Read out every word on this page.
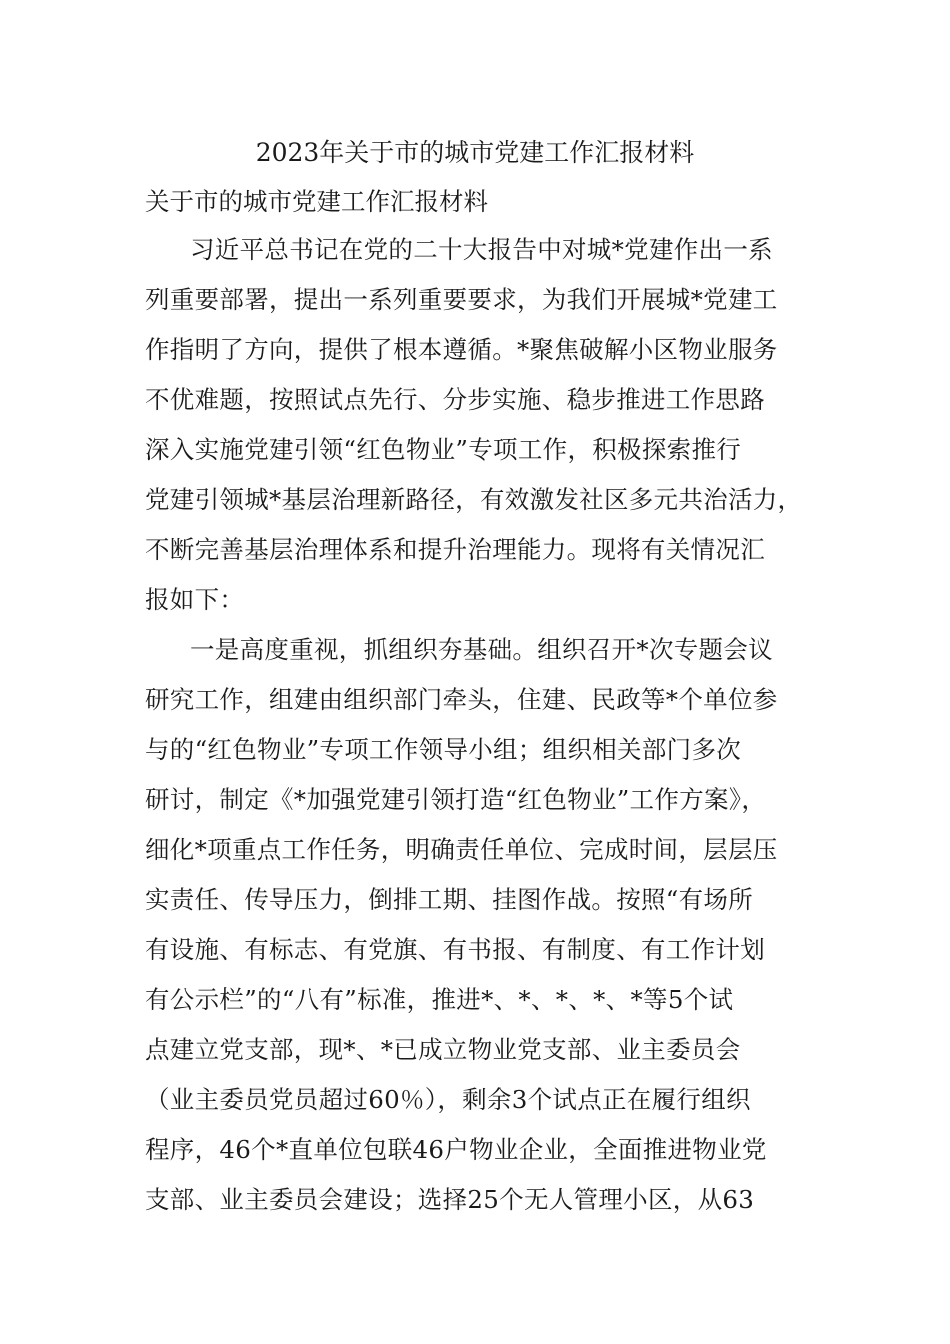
2023年关于市的城市党建工作汇报材料
关于市的城市党建工作汇报材料

习近平总书记在党的二十大报告中对城*党建作出一系

列重要部署，提出一系列重要要求，为我们开展城*党建工

作指明了方向，提供了根本遵循。*聚焦破解小区物业服务

不优难题，按照试点先行、分步实施、稳步推进工作思路

深入实施党建引领“红色物业”专项工作，积极探索推行

党建引领城*基层治理新路径，有效激发社区多元共治活力，

不断完善基层治理体系和提升治理能力。现将有关情况汇

报如下：

一是高度重视，抓组织夯基础。组织召开*次专题会议

研究工作，组建由组织部门牵头，住建、民政等*个单位参

与的“红色物业”专项工作领导小组；组织相关部门多次

研讨，制定《*加强党建引领打造“红色物业”工作方案》，

细化*项重点工作任务，明确责任单位、完成时间，层层压

实责任、传导压力，倒排工期、挂图作战。按照“有场所

有设施、有标志、有党旗、有书报、有制度、有工作计划

有公示栏”的“八有”标准，推进*、*、*、*、*等5个试

点建立党支部，现*、*已成立物业党支部、业主委员会

（业主委员党员超过60％），剩余3个试点正在履行组织

程序，46个*直单位包联46户物业企业，全面推进物业党

支部、业主委员会建设；选择25个无人管理小区，从63
